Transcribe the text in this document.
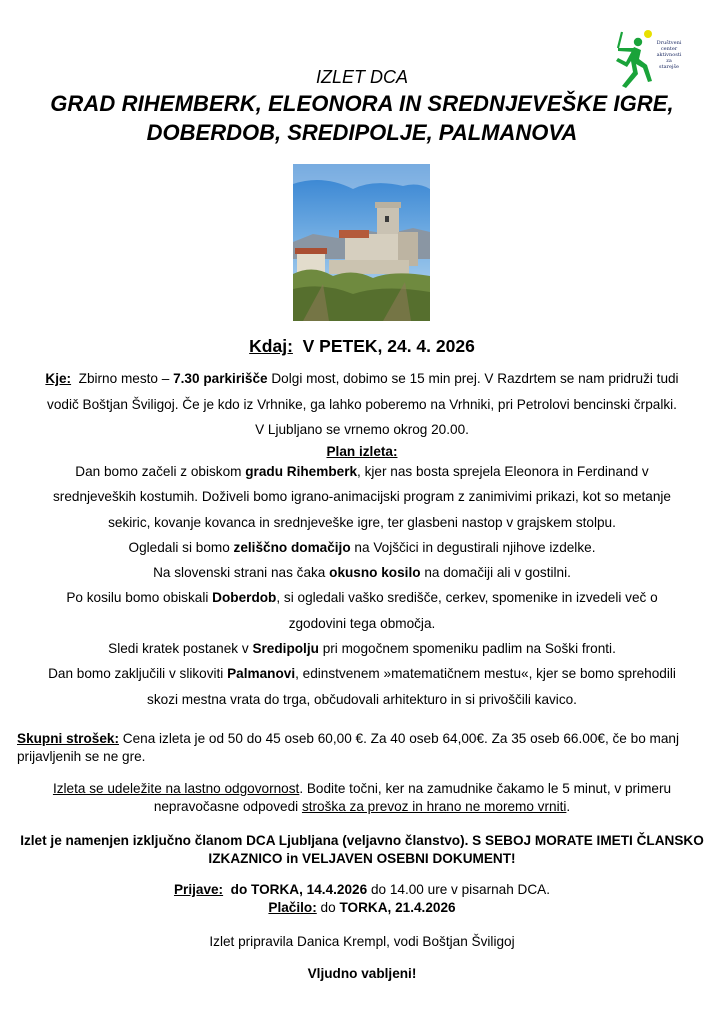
Društveni
center
aktivnosti
za
starejše
IZLET DCA
GRAD RIHEMBERK, ELEONORA IN SREDNJEVEŠKE IGRE,
DOBERDOB, SREDIPOLJE, PALMANOVA
Kdaj: V PETEK, 24. 4. 2026
Kje: Zbirno mesto – 7.30 parkirišče Dolgi most, dobimo se 15 min prej. V Razdrtem se nam pridruži tudi
vodič Boštjan Šviligoj. Če je kdo iz Vrhnike, ga lahko poberemo na Vrhniki, pri Petrolovi bencinski črpalki.
V Ljubljano se vrnemo okrog 20.00.
Plan izleta:
Dan bomo začeli z obiskom gradu Rihemberk, kjer nas bosta sprejela Eleonora in Ferdinand v
srednjeveških kostumih. Doživeli bomo igrano-animacijski program z zanimivimi prikazi, kot so metanje
sekiric, kovanje kovanca in srednjeveške igre, ter glasbeni nastop v grajskem stolpu.
Ogledali si bomo zeliščno domačijo na Vojščici in degustirali njihove izdelke.
Na slovenski strani nas čaka okusno kosilo na domačiji ali v gostilni.
Po kosilu bomo obiskali Doberdob, si ogledali vaško središče, cerkev, spomenike in izvedeli več o
zgodovini tega območja.
Sledi kratek postanek v Sredipolju pri mogočnem spomeniku padlim na Soški fronti.
Dan bomo zaključili v slikoviti Palmanovi, edinstvenem »matematičnem mestu«, kjer se bomo sprehodili
skozi mestna vrata do trga, občudovali arhitekturo in si privoščili kavico.
Skupni strošek: Cena izleta je od 50 do 45 oseb 60,00 €. Za 40 oseb 64,00€. Za 35 oseb 66.00€, če bo manj prijavljenih se ne gre.
Izleta se udeležite na lastno odgovornost. Bodite točni, ker na zamudnike čakamo le 5 minut, v primeru nepravočasne odpovedi stroška za prevoz in hrano ne moremo vrniti.
Izlet je namenjen izključno članom DCA Ljubljana (veljavno članstvo). S SEBOJ MORATE IMETI ČLANSKO IZKAZNICO in VELJAVEN OSEBNI DOKUMENT!
Prijave: do TORKA, 14.4.2026 do 14.00 ure v pisarnah DCA.
Plačilo: do TORKA, 21.4.2026
Izlet pripravila Danica Krempl, vodi Boštjan Šviligoj
Vljudno vabljeni!
